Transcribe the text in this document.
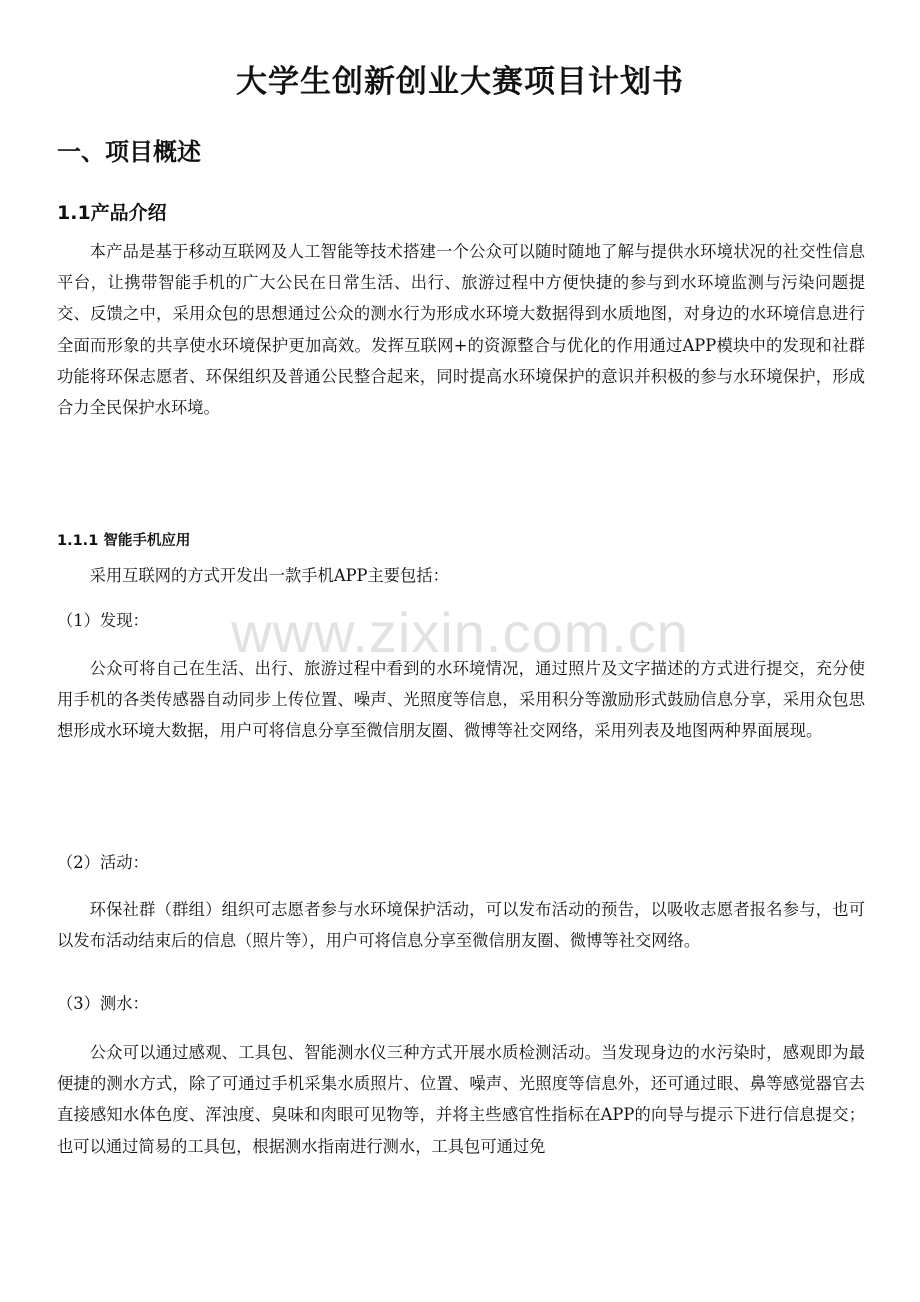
大学生创新创业大赛项目计划书
一、项目概述
1.1产品介绍

本产品是基于移动互联网及人工智能等技术搭建一个公众可以随时随地了解与提供水环境状况的社交性信息平台，让携带智能手机的广大公民在日常生活、出行、旅游过程中方便快捷的参与到水环境监测与污染问题提交、反馈之中，采用众包的思想通过公众的测水行为形成水环境大数据得到水质地图，对身边的水环境信息进行全面而形象的共享使水环境保护更加高效。发挥互联网+的资源整合与优化的作用通过APP模块中的发现和社群功能将环保志愿者、环保组织及普通公民整合起来，同时提高水环境保护的意识并积极的参与水环境保护，形成合力全民保护水环境。

1.1.1 智能手机应用

采用互联网的方式开发出一款手机APP主要包括：

（1）发现：

公众可将自己在生活、出行、旅游过程中看到的水环境情况，通过照片及文字描述的方式进行提交，充分使用手机的各类传感器自动同步上传位置、噪声、光照度等信息，采用积分等激励形式鼓励信息分享，采用众包思想形成水环境大数据，用户可将信息分享至微信朋友圈、微博等社交网络，采用列表及地图两种界面展现。

（2）活动：

环保社群（群组）组织可志愿者参与水环境保护活动，可以发布活动的预告，以吸收志愿者报名参与，也可以发布活动结束后的信息（照片等），用户可将信息分享至微信朋友圈、微博等社交网络。

（3）测水：

公众可以通过感观、工具包、智能测水仪三种方式开展水质检测活动。当发现身边的水污染时，感观即为最便捷的测水方式，除了可通过手机采集水质照片、位置、噪声、光照度等信息外，还可通过眼、鼻等感觉器官去直接感知水体色度、浑浊度、臭味和肉眼可见物等，并将主些感官性指标在APP的向导与提示下进行信息提交；也可以通过简易的工具包，根据测水指南进行测水，工具包可通过免

www.zixin.com.cn
